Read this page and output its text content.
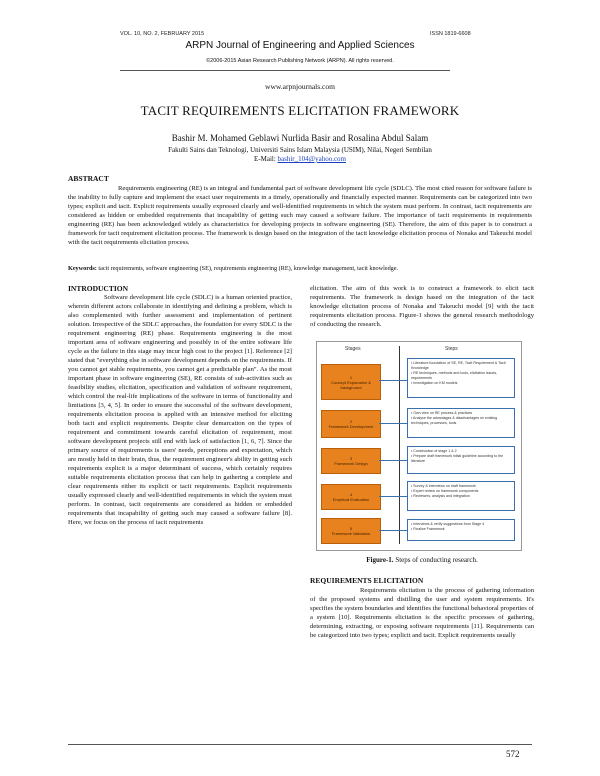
VOL. 10, NO. 2, FEBRUARY 2015	ISSN 1819-6608
ARPN Journal of Engineering and Applied Sciences
©2006-2015 Asian Research Publishing Network (ARPN). All rights reserved.
www.arpnjournals.com
TACIT REQUIREMENTS ELICITATION FRAMEWORK
Bashir M. Mohamed Geblawi Nurlida Basir and Rosalina Abdul Salam
Fakulti Sains dan Teknologi, Universiti Sains Islam Malaysia (USIM), Nilai, Negeri Sembilan
E-Mail: bashir_104@yahoo.com
ABSTRACT
Requirements engineering (RE) is an integral and fundamental part of software development life cycle (SDLC). The most cited reason for software failure is the inability to fully capture and implement the exact user requirements in a timely, operationally and financially expected manner. Requirements can be categorized into two types; explicit and tacit. Explicit requirements usually expressed clearly and well-identified requirements in which the system must perform. In contrast, tacit requirements are considered as hidden or embedded requirements that incapability of getting such may caused a software failure. The importance of tacit requirements in requirements engineering (RE) has been acknowledged widely as characteristics for developing projects in software engineering (SE). Therefore, the aim of this paper is to construct a framework for tacit requirement elicitation process. The framework is design based on the integration of the tacit knowledge elicitation process of Nonaka and Takeuchi model with the tacit requirements elicitation process.
Keywords: tacit requirements, software engineering (SE), requirements engineering (RE), knowledge management, tacit knowledge.
INTRODUCTION
Software development life cycle (SDLC) is a human oriented practice, wherein different actors collaborate in identifying and defining a problem, which is also complemented with further assessment and implementation of pertinent solution. Irrespective of the SDLC approaches, the foundation for every SDLC is the requirement engineering (RE) phase. Requirements engineering is the most important area of software engineering and possibly in of the entire software life cycle as the failure in this stage may incur high cost to the project [1]. Reference [2] stated that "everything else in software development depends on the requirements. If you cannot get stable requirements, you cannot get a predictable plan". As the most important phase in software engineering (SE), RE consists of sub-activities such as feasibility studies, elicitation, specification and validation of software requirement, which control the real-life implications of the software in terms of functionality and limitations [3, 4, 5]. In order to ensure the successful of the software development, requirements elicitation process is applied with an intensive method for eliciting both tacit and explicit requirements. Despite clear demarcation on the types of requirement and commitment towards careful elicitation of requirement, most software development projects still end with lack of satisfaction [1, 6, 7]. Since the primary source of requirements is users' needs, perceptions and expectation, which are mostly held in their brain, thus, the requirement engineer's ability in getting such requirements explicit is a major determinant of success, which certainly requires suitable requirements elicitation process that can help in gathering a complete and clear requirements either its explicit or tacit requirements. Explicit requirements usually expressed clearly and well-identified requirements in which the system must perform. In contrast, tacit requirements are considered as hidden or embedded requirements that incapability of getting such may caused a software failure [8]. Here, we focus on the process of tacit requirements
elicitation. The aim of this work is to construct a framework to elicit tacit requirements. The framework is design based on the integration of the tacit knowledge elicitation process of Nonaka and Takeuchi model [9] with the tacit requirements elicitation process. Figure-1 shows the general research methodology of conducting the research.
Stages	Steps
1
Concept Exploration & background
• Literature foundation of SE, RE, Tacit Requirement & Tacit Knowledge
• RE techniques, methods and tools, elicitation issues, requirements
• Investigation on KM models
2
Framework Development
• Own view on RE process & practices
• Analyse the advantages & disadvantages on existing techniques, processes, tools
3
Framework Design
• Construction of stage 1 & 2
• Prepare draft framework initial guideline according to the literature
4
Empirical Evaluation
• Survey & interviews on draft framework
• Expert review on framework components
• Reviewers, analysis and integration
5
Framework Validation
• Interviews & verify suggestions from Stage 4
• Finalize Framework
Figure-1. Steps of conducting research.
REQUIREMENTS ELICITATION
Requirements elicitation is the process of gathering information of the proposed systems and distilling the user and system requirements. It's specifies the system boundaries and identifies the functional behavioral properties of a system [10]. Requirements elicitation is the specific processes of gathering, determining, extracting, or exposing software requirements [11]. Requirements can be categorized into two types; explicit and tacit. Explicit requirements usually
572
